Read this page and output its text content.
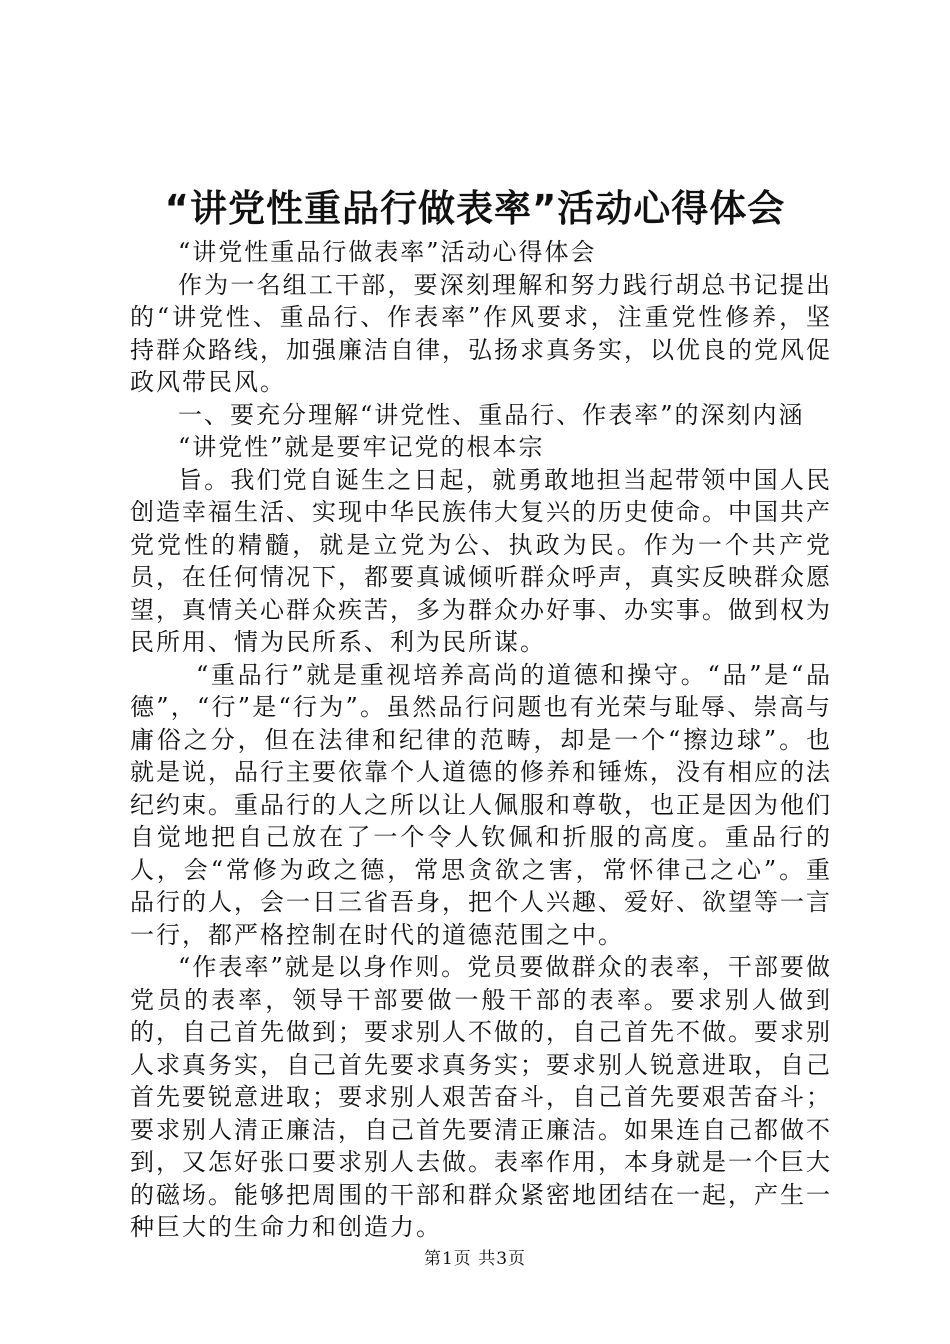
“讲党性重品行做表率”活动心得体会

“讲党性重品行做表率”活动心得体会

作为一名组工干部，要深刻理解和努力践行胡总书记提出的“讲党性、重品行、作表率”作风要求，注重党性修养，坚持群众路线，加强廉洁自律，弘扬求真务实，以优良的党风促政风带民风。

一、要充分理解“讲党性、重品行、作表率”的深刻内涵

“讲党性”就是要牢记党的根本宗

旨。我们党自诞生之日起，就勇敢地担当起带领中国人民创造幸福生活、实现中华民族伟大复兴的历史使命。中国共产党党性的精髓，就是立党为公、执政为民。作为一个共产党员，在任何情况下，都要真诚倾听群众呼声，真实反映群众愿望，真情关心群众疾苦，多为群众办好事、办实事。做到权为民所用、情为民所系、利为民所谋。

“重品行”就是重视培养高尚的道德和操守。“品”是“品德”，“行”是“行为”。虽然品行问题也有光荣与耻辱、崇高与庸俗之分，但在法律和纪律的范畴，却是一个“擦边球”。也就是说，品行主要依靠个人道德的修养和锤炼，没有相应的法纪约束。重品行的人之所以让人佩服和尊敬，也正是因为他们自觉地把自己放在了一个令人钦佩和折服的高度。重品行的人，会“常修为政之德，常思贪欲之害，常怀律己之心”。重品行的人，会一日三省吾身，把个人兴趣、爱好、欲望等一言一行，都严格控制在时代的道德范围之中。

“作表率”就是以身作则。党员要做群众的表率，干部要做党员的表率，领导干部要做一般干部的表率。要求别人做到的，自己首先做到；要求别人不做的，自己首先不做。要求别人求真务实，自己首先要求真务实；要求别人锐意进取，自己首先要锐意进取；要求别人艰苦奋斗，自己首先要艰苦奋斗；要求别人清正廉洁，自己首先要清正廉洁。如果连自己都做不到，又怎好张口要求别人去做。表率作用，本身就是一个巨大的磁场。能够把周围的干部和群众紧密地团结在一起，产生一种巨大的生命力和创造力。

第1页 共3页
